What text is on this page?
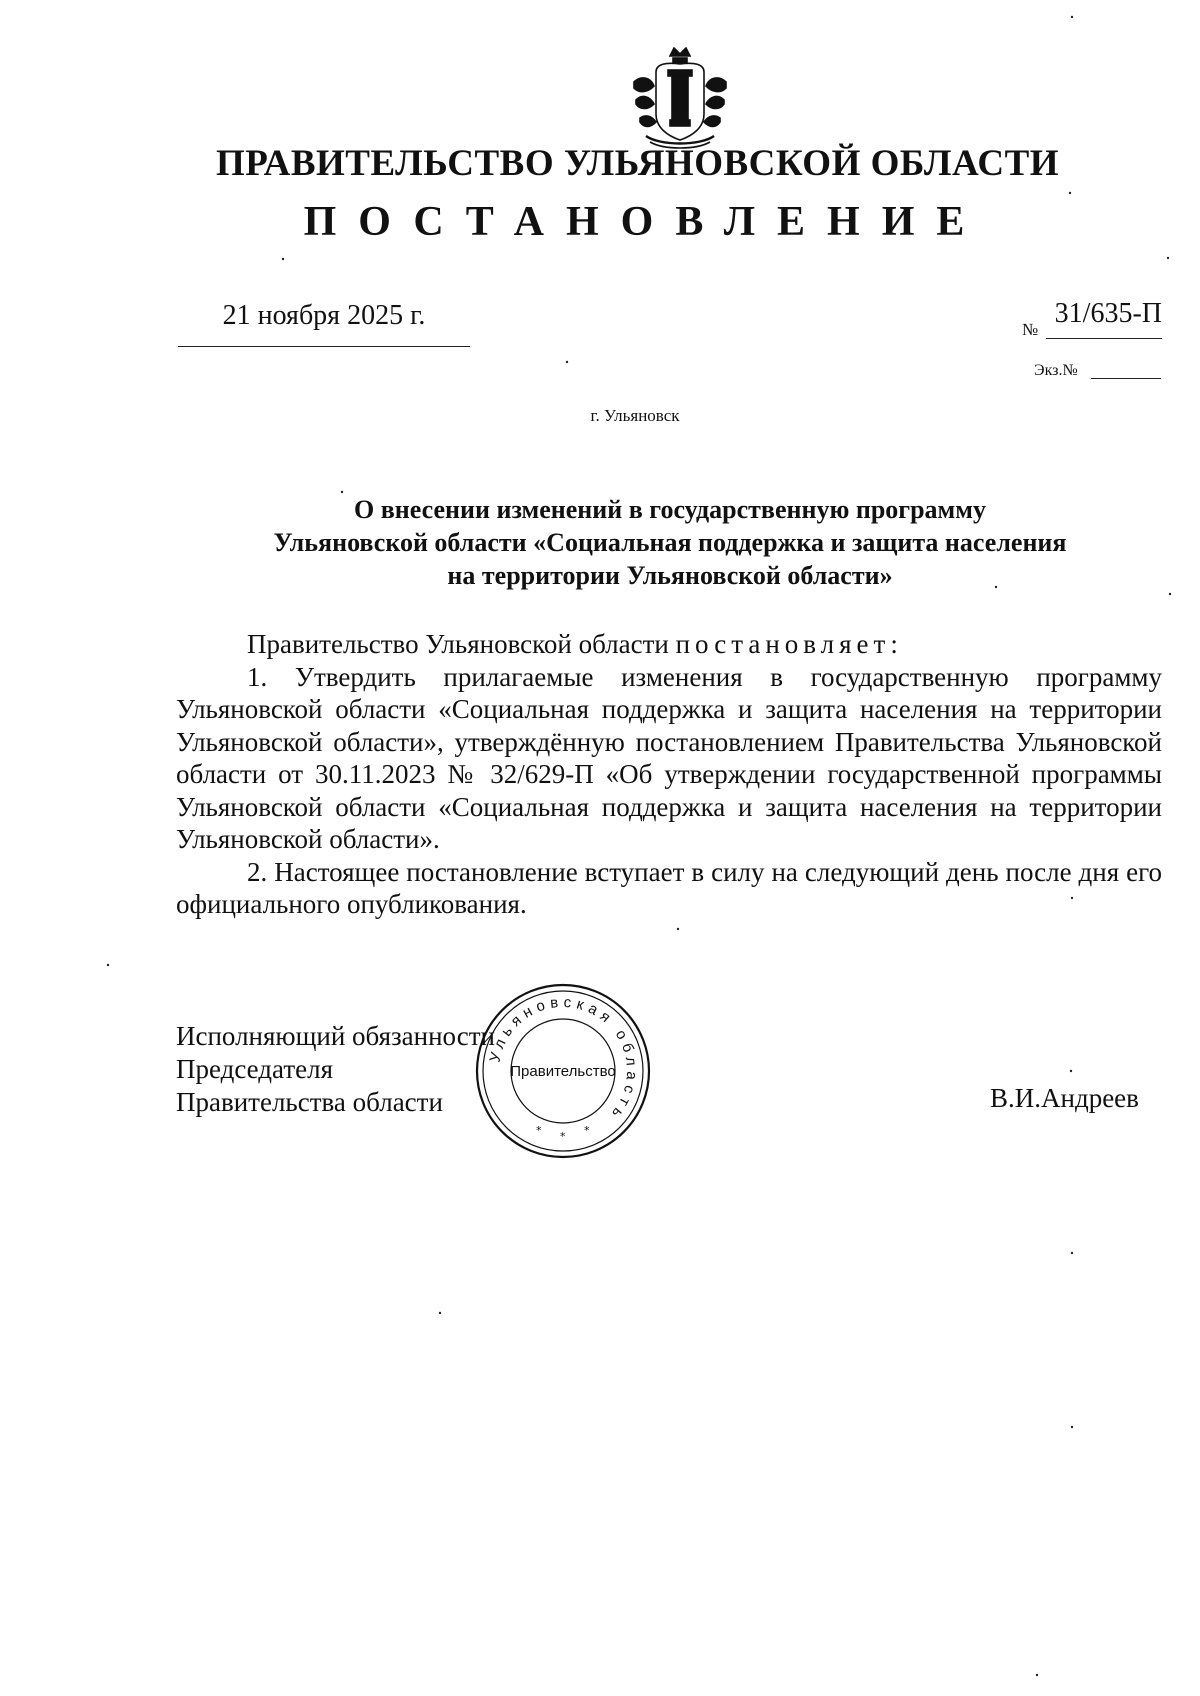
ПРАВИТЕЛЬСТВО УЛЬЯНОВСКОЙ ОБЛАСТИ
ПОСТАНОВЛЕНИЕ
21 ноября 2025 г.	№
31/635-П
Экз.№
г. Ульяновск
О внесении изменений в государственную программу
Ульяновской области «Социальная поддержка и защита населения
на территории Ульяновской области»

Правительство Ульяновской области постановляет:

1. Утвердить прилагаемые изменения в государственную программу Ульяновской области «Социальная поддержка и защита населения на территории Ульяновской области», утверждённую постановлением Правительства Ульяновской области от 30.11.2023 № 32/629-П «Об утверждении государственной программы Ульяновской области «Социальная поддержка и защита населения на территории Ульяновской области».

2. Настоящее постановление вступает в силу на следующий день после дня его официального опубликования.

Исполняющий обязанности
Председателя
Правительства области	В.И.Андреев
Ульяновская область
Правительство
* * *
